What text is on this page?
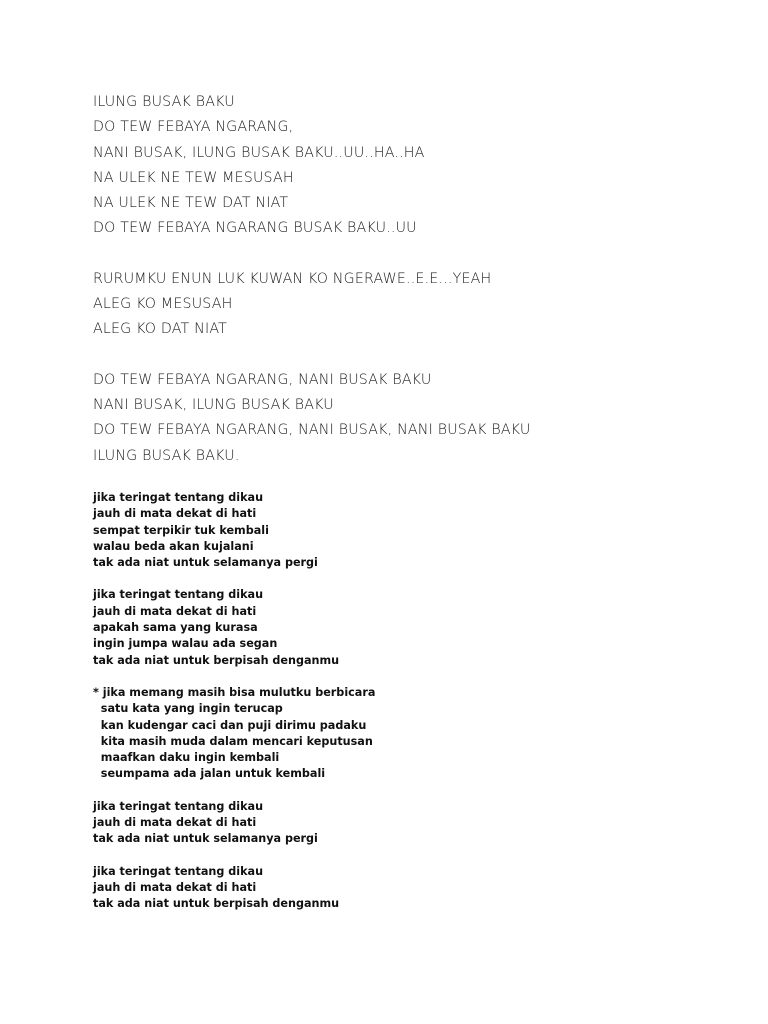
ILUNG BUSAK BAKU
DO TEW FEBAYA NGARANG,
NANI BUSAK, ILUNG BUSAK BAKU..UU..HA..HA
NA ULEK NE TEW MESUSAH
NA ULEK NE TEW DAT NIAT
DO TEW FEBAYA NGARANG BUSAK BAKU..UU
RURUMKU ENUN LUK KUWAN KO NGERAWE..E.E...YEAH
ALEG KO MESUSAH
ALEG KO DAT NIAT
DO TEW FEBAYA NGARANG, NANI BUSAK BAKU
NANI BUSAK, ILUNG BUSAK BAKU
DO TEW FEBAYA NGARANG, NANI BUSAK, NANI BUSAK BAKU
ILUNG BUSAK BAKU.
jika teringat tentang dikau
jauh di mata dekat di hati
sempat terpikir tuk kembali
walau beda akan kujalani
tak ada niat untuk selamanya pergi
jika teringat tentang dikau
jauh di mata dekat di hati
apakah sama yang kurasa
ingin jumpa walau ada segan
tak ada niat untuk berpisah denganmu
* jika memang masih bisa mulutku berbicara
satu kata yang ingin terucap
kan kudengar caci dan puji dirimu padaku
kita masih muda dalam mencari keputusan
maafkan daku ingin kembali
seumpama ada jalan untuk kembali
jika teringat tentang dikau
jauh di mata dekat di hati
tak ada niat untuk selamanya pergi
jika teringat tentang dikau
jauh di mata dekat di hati
tak ada niat untuk berpisah denganmu
